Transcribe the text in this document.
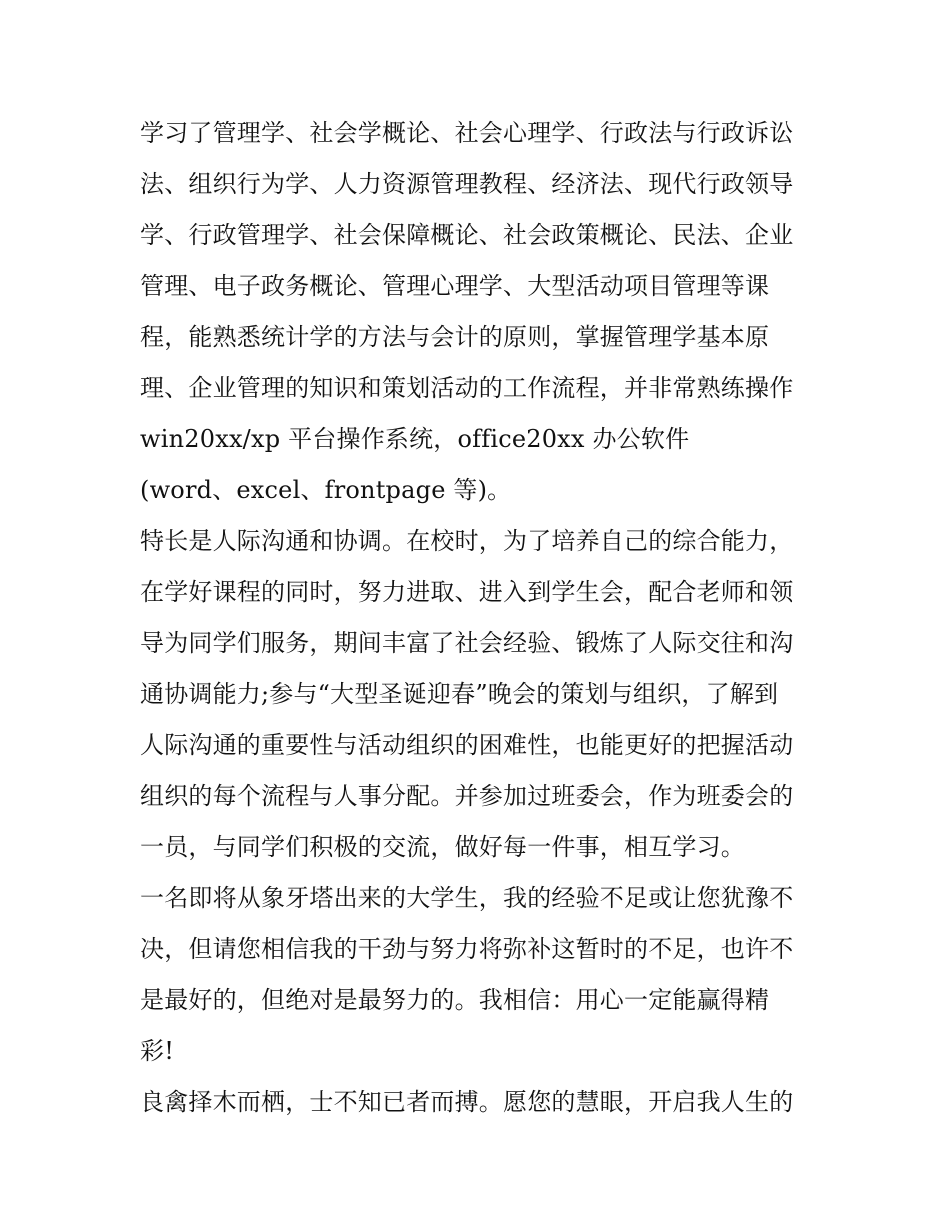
学习了管理学、社会学概论、社会心理学、行政法与行政诉讼
法、组织行为学、人力资源管理教程、经济法、现代行政领导
学、行政管理学、社会保障概论、社会政策概论、民法、企业
管理、电子政务概论、管理心理学、大型活动项目管理等课
程，能熟悉统计学的方法与会计的原则，掌握管理学基本原
理、企业管理的知识和策划活动的工作流程，并非常熟练操作
win20xx/xp 平台操作系统，office20xx 办公软件
(word、excel、frontpage 等)。
特长是人际沟通和协调。在校时，为了培养自己的综合能力，
在学好课程的同时，努力进取、进入到学生会，配合老师和领
导为同学们服务，期间丰富了社会经验、锻炼了人际交往和沟
通协调能力;参与“大型圣诞迎春”晚会的策划与组织，了解到
人际沟通的重要性与活动组织的困难性，也能更好的把握活动
组织的每个流程与人事分配。并参加过班委会，作为班委会的
一员，与同学们积极的交流，做好每一件事，相互学习。
一名即将从象牙塔出来的大学生，我的经验不足或让您犹豫不
决，但请您相信我的干劲与努力将弥补这暂时的不足，也许不
是最好的，但绝对是最努力的。我相信：用心一定能赢得精
彩!
良禽择木而栖，士不知已者而搏。愿您的慧眼，开启我人生的
